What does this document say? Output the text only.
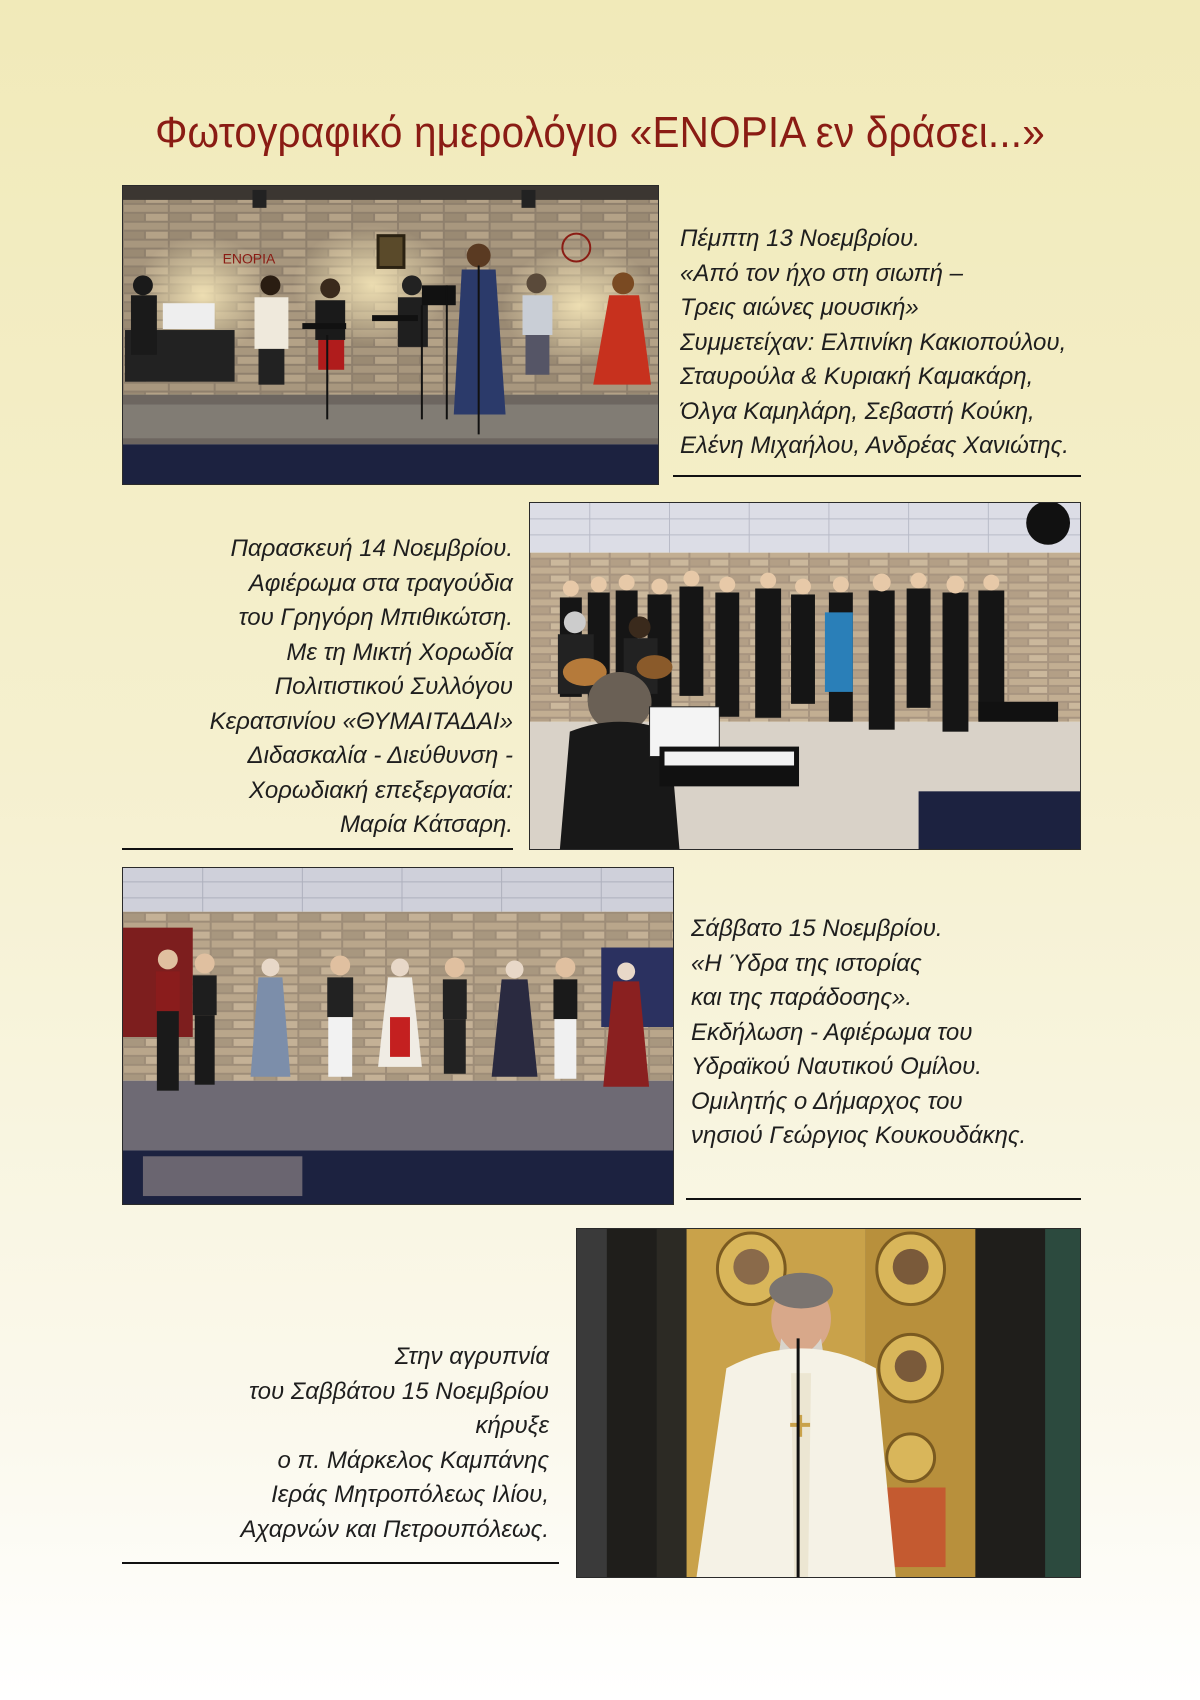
Φωτογραφικό ημερολόγιο «ΕΝΟΡΙΑ εν δράσει...»
ΕΝΟΡΙΑ
Πέμπτη 13 Νοεμβρίου.
«Από τον ήχο στη σιωπή –
Τρεις αιώνες μουσική»
Συμμετείχαν: Ελπινίκη Κακιοπούλου,
Σταυρούλα & Κυριακή Καμακάρη,
Όλγα Καμηλάρη, Σεβαστή Κούκη,
Ελένη Μιχαήλου, Ανδρέας Χανιώτης.
Παρασκευή 14 Νοεμβρίου.
Αφιέρωμα στα τραγούδια
του Γρηγόρη Μπιθικώτση.
Με τη Μικτή Χορωδία
Πολιτιστικού Συλλόγου
Κερατσινίου «ΘΥΜΑΙΤΑΔΑΙ»
Διδασκαλία - Διεύθυνση -
Χορωδιακή επεξεργασία:
Μαρία Κάτσαρη.
Σάββατο 15 Νοεμβρίου.
«Η Ύδρα της ιστορίας
και της παράδοσης».
Εκδήλωση - Αφιέρωμα του
Υδραϊκού Ναυτικού Ομίλου.
Ομιλητής ο Δήμαρχος του
νησιού Γεώργιος Κουκουδάκης.
Στην αγρυπνία
του Σαββάτου 15 Νοεμβρίου
κήρυξε
ο π. Μάρκελος Καμπάνης
Ιεράς Μητροπόλεως Ιλίου,
Αχαρνών και Πετρουπόλεως.
